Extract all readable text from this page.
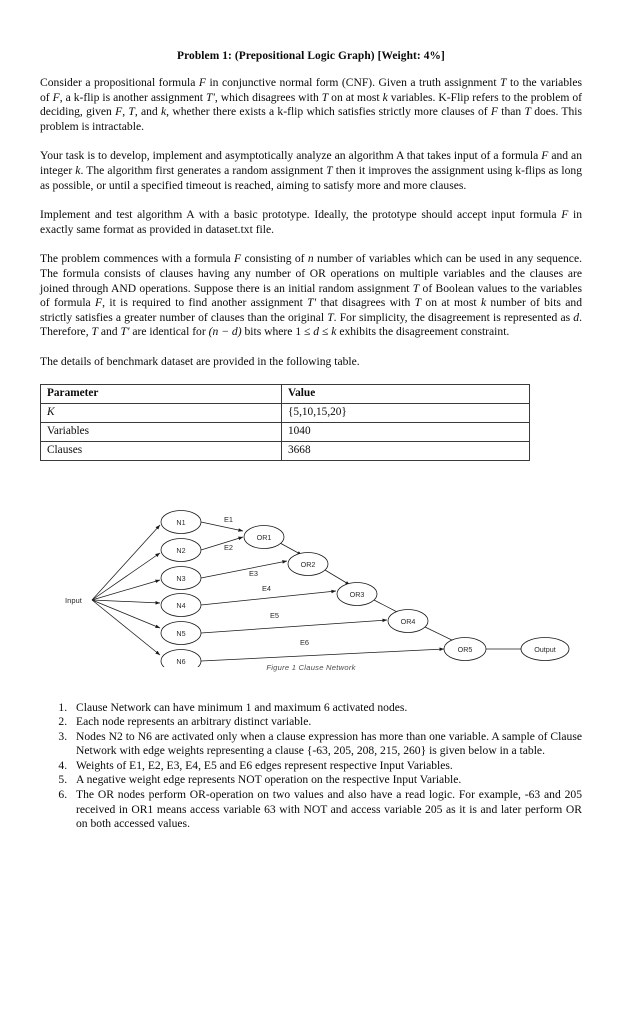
Problem 1: (Prepositional Logic Graph) [Weight: 4%]

Consider a propositional formula F in conjunctive normal form (CNF). Given a truth assignment T to the variables of F, a k-flip is another assignment T', which disagrees with T on at most k variables. K-Flip refers to the problem of deciding, given F, T, and k, whether there exists a k-flip which satisfies strictly more clauses of F than T does. This problem is intractable.

Your task is to develop, implement and asymptotically analyze an algorithm A that takes input of a formula F and an integer k. The algorithm first generates a random assignment T then it improves the assignment using k-flips as long as possible, or until a specified timeout is reached, aiming to satisfy more and more clauses.

Implement and test algorithm A with a basic prototype. Ideally, the prototype should accept input formula F in exactly same format as provided in dataset.txt file.

The problem commences with a formula F consisting of n number of variables which can be used in any sequence. The formula consists of clauses having any number of OR operations on multiple variables and the clauses are joined through AND operations. Suppose there is an initial random assignment T of Boolean values to the variables of formula F, it is required to find another assignment T' that disagrees with T on at most k number of bits and strictly satisfies a greater number of clauses than the original T. For simplicity, the disagreement is represented as d. Therefore, T and T' are identical for (n − d) bits where 1 ≤ d ≤ k exhibits the disagreement constraint.

The details of benchmark dataset are provided in the following table.

Parameter	Value
K	{5,10,15,20}
Variables	1040
Clauses	3668
Input
N1
N2
N3
N4
N5
N6
OR1
OR2
OR3
OR4
OR5	Output
E1
E2
E3
E4
E5
E6
Figure 1 Clause Network
1. Clause Network can have minimum 1 and maximum 6 activated nodes.
2. Each node represents an arbitrary distinct variable.
3. Nodes N2 to N6 are activated only when a clause expression has more than one variable. A sample of Clause Network with edge weights representing a clause {-63, 205, 208, 215, 260} is given below in a table.
4. Weights of E1, E2, E3, E4, E5 and E6 edges represent respective Input Variables.
5. A negative weight edge represents NOT operation on the respective Input Variable.
6. The OR nodes perform OR-operation on two values and also have a read logic. For example, -63 and 205 received in OR1 means access variable 63 with NOT and access variable 205 as it is and later perform OR on both accessed values.
